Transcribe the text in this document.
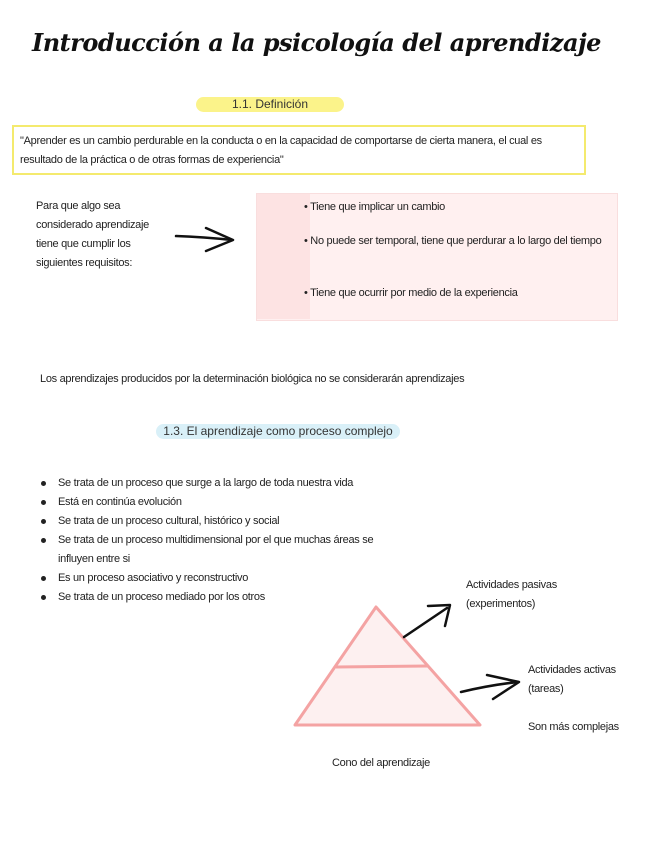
Introducción a la psicología del aprendizaje
1.1. Definición
"Aprender es un cambio perdurable en la conducta o en la capacidad de comportarse de cierta manera, el cual es resultado de la práctica o de otras formas de experiencia"
Para que algo sea considerado aprendizaje tiene que cumplir los siguientes requisitos:
• Tiene que implicar un cambio
• No puede ser temporal, tiene que perdurar a lo largo del tiempo
• Tiene que ocurrir por medio de la experiencia
Los aprendizajes producidos por la determinación biológica no se considerarán aprendizajes
1.3. El aprendizaje como proceso complejo
Se trata de un proceso que surge a la largo de toda nuestra vida
Está en continúa evolución
Se trata de un proceso cultural, histórico y social
Se trata de un proceso multidimensional por el que muchas áreas se influyen entre si
Es un proceso asociativo y reconstructivo
Se trata de un proceso mediado por los otros
Actividades pasivas (experimentos)
Actividades activas (tareas)
Son más complejas
Cono del aprendizaje
